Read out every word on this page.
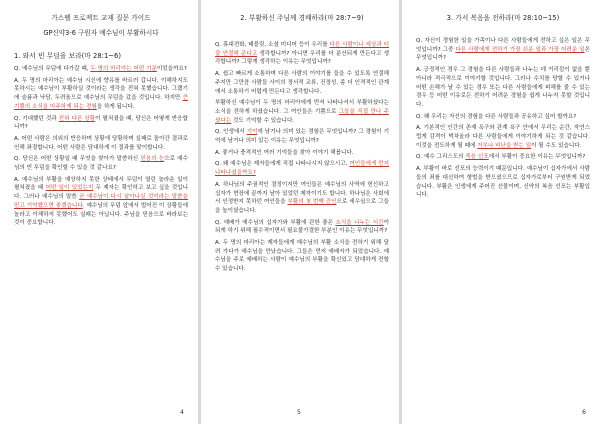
가스펠 프로젝트 교재 질문 가이드
GP신약3-6 구원자 예수님이 부활하시다
1. 와서 빈 무덤을 보라(마 28:1~6)
Q. 예수님의 무덤에 다가갈 때, 두 명의 마리아는 어떤 기분이었을까요?
A. 두 명의 마리아는 예수님 시신에 향유를 바르러 갑니다. 이해하지도 못하시는 예수님이 부활하실 것이라는 생각을 전혀 못했습니다. 그랬기에 슬픔과 낙담, 두려움으로 예수님의 무덤을 갔을 것입니다. 하지만 큰 기쁨의 소식을 마주하게 되는 경험을 하게 됩니다.
Q. 기대했던 것과 전혀 다른 상황이 펼쳐졌을 때, 당신은 어떻게 반응합니까?
A. 어떤 사람은 의외의 반응하며 상황에 당황하며 실패로 돌아간 결과로 인해 좌절합니다. 어떤 사람은 담대하게 이 결과를 맞이합니다.
Q. 당신은 어떤 상황일 때 무엇을 찾아가 말씀하신 믿음의 눈으로 예수님의 빈 무덤을 확인할 수 있을 것 같나요?
A. 예수님의 부활을 예상하지 못한 상태에서 무덤이 열린 놀라운 일이 펼쳐졌을 때 어떤 일이 있었는지 두 제자는 확인하고 보고 싶을 것입니다. 그러나 예수님의 말씀 곧 예수님이 다시 살아나실 것이라는 말씀을 믿고 기억했으면 좋겠습니다. 예수님의 무덤 앞에서 벌어진 이 상황들에 놀라고 이해하지 못했어도 실패는 아닙니다. 주님을 믿음으로 바라보는 것이 중요합니다.
4
2. 부활하신 주님께 경배하라(마 28:7~9)
Q. 휴대전화, 태블릿, 소셜 미디어 등이 우리를 다른 사람이나 세상과 더 잘 연결해 준다고 생각합니까? 아니면 우리를 더 분산되게 만든다고 생각합니까? 그렇게 생각하는 이유는 무엇입니까?
A. 쉽고 빠르게 소통하며 다른 사람의 이야기를 들을 수 있도록 연결해 주지만 그만큼 사람들 사이의 정서적 교류, 진정성, 좀 더 인격적인 관계에서 소통하기 어렵게 만든다고 생각합니다.
부활하신 예수님이 두 명의 마리아에게 먼저 나타나셔서 부활하셨다는 소식을 전하게 하셨습니다. 그 여인들은 기쁨으로 그들을 직접 만나 주셨다는 것도 기억할 수 있습니다.
Q. 인생에서 기억에 남거나 의미 있는 경험은 무엇입니까? 그 경험이 기억에 남거나 의미 있는 이유는 무엇입니까?
A. 좋거나 충격적인 여러 기억들을 찾아 이야기 해봅니다.
Q. 왜 예수님은 제자들에게 직접 나타나시지 않으시고, 여인들에게 먼저 나타나셨을까요?
A. 하나님의 주권적인 결정이지만 여인들은 예수님의 사역에 헌신하고 십자가 현장에 끝까지 남아 있었던 제자이기도 합니다. 하나님은 사회에서 인정받지 못하던 여인들을 부활의 첫 번째 증인으로 세우심으로 그들을 높이셨습니다.
Q. 예배가 예수님의 십자가와 부활에 관한 좋은 소식을 나누는 시간이 되게 하기 위해 필수적이면서 필요불가결한 부분인 이유는 무엇입니까?
A. 두 명의 마리아는 제자들에게 예수님의 부활 소식을 전하기 위해 달려 가다가 예수님을 만났습니다. 그들은 먼저 예배자가 되었습니다. 예수님을 주로 예배하는 사람이 예수님의 부활을 확신있고 담대하게 전할 수 있습니다.
5
3. 가서 복음을 전하라(마 28:10~15)
Q. 자신이 경험한 일을 가족이나 다른 사람들에게 전하고 싶은 일은 무엇입니까? 그중 다른 사람에게 전하기 가장 쉬운 일과 가장 어려운 일은 무엇입니까?
A. 긍정적인 경우 그 경험을 다른 사람들과 나누는 데 거리낌이 없을 뿐 아니라 적극적으로 이야기할 것입니다. 그러나 수치를 당할 수 있거나 어떤 손해가 날 수 있는 경우 또는 다른 사람들에게 피해를 줄 수 있는 경우 등 어떤 이유로든 전하기 어려운 경험을 쉽게 나누지 못할 것입니다.
Q. 왜 우리는 자신의 경험을 다른 사람들과 공유하고 싶어 할까요?
A. 기본적인 인간의 존재 욕구와 관계 욕구 안에서 우리는 순간, 자연스럽게 감격이 벅차올라 다른 사람들에게 이야기하게 되는 것 같습니다. 이것을 전도하게 될 때에 거부나 비난을 받는 일이 될 수도 있습니다.
Q. 예수 그리스도의 죽음 선포에서 부활이 중요한 이유는 무엇입니까?
A. 부활이 바로 선포의 능력이기 때문입니다. 예수님이 십자가에서 사람들의 죄를 대신하여 형벌을 받으셨으므로 십자가로부터 구원받게 되었습니다. 부활은 인생에게 주어진 선물이며, 신약의 복음 선포는 부활입니다.
6
